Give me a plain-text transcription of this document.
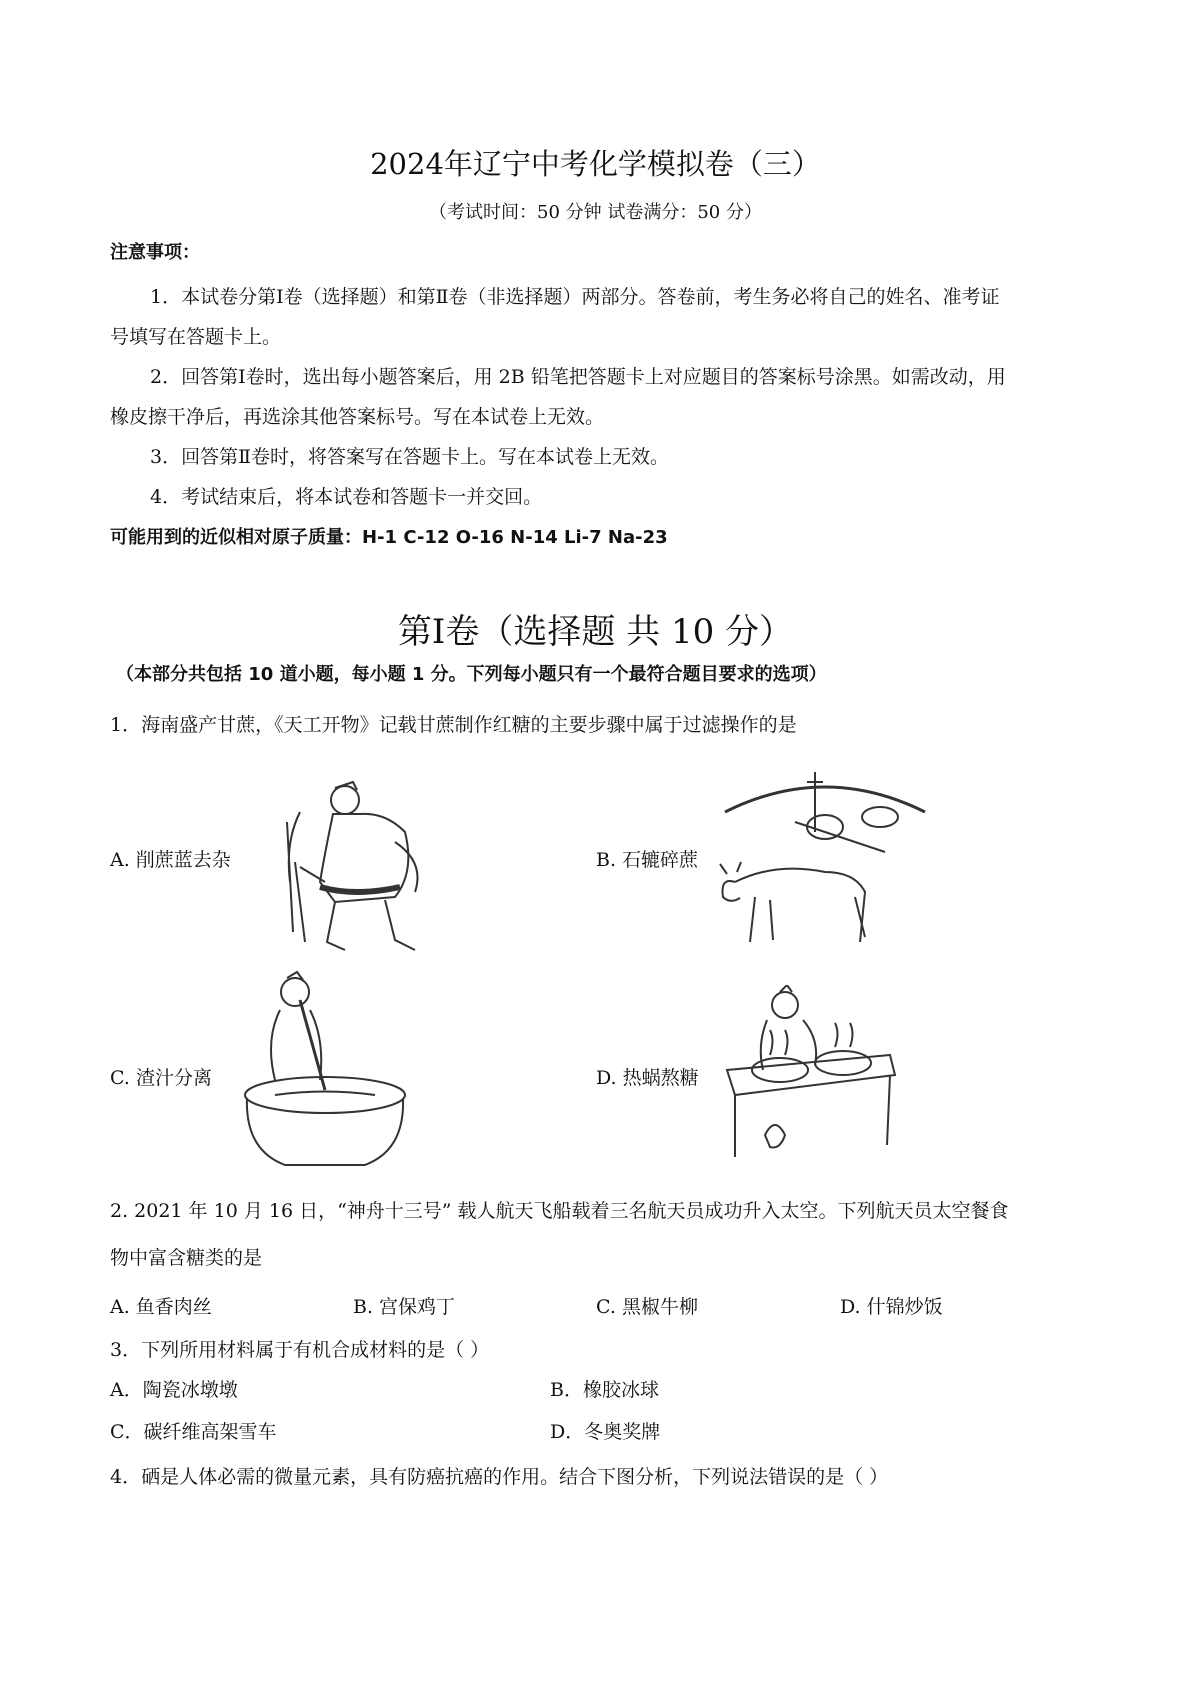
2024年辽宁中考化学模拟卷（三）
（考试时间：50 分钟 试卷满分：50 分）
注意事项：
1．本试卷分第Ⅰ卷（选择题）和第Ⅱ卷（非选择题）两部分。答卷前，考生务必将自己的姓名、准考证
号填写在答题卡上。
2．回答第Ⅰ卷时，选出每小题答案后，用 2B 铅笔把答题卡上对应题目的答案标号涂黑。如需改动，用
橡皮擦干净后，再选涂其他答案标号。写在本试卷上无效。
3．回答第Ⅱ卷时，将答案写在答题卡上。写在本试卷上无效。
4．考试结束后，将本试卷和答题卡一并交回。
可能用到的近似相对原子质量：H-1 C-12 O-16 N-14 Li-7 Na-23
第Ⅰ卷（选择题 共 10 分）
（本部分共包括 10 道小题，每小题 1 分。下列每小题只有一个最符合题目要求的选项）
1．海南盛产甘蔗，《天工开物》记载甘蔗制作红糖的主要步骤中属于过滤操作的是
A. 削蔗蓝去杂	B. 石辘碎蔗
C. 渣汁分离	D. 热蜗熬糖
2. 2021 年 10 月 16 日，“神舟十三号” 载人航天飞船载着三名航天员成功升入太空。下列航天员太空餐食
物中富含糖类的是
A. 鱼香肉丝	B. 宫保鸡丁	C. 黑椒牛柳	D. 什锦炒饭
3．下列所用材料属于有机合成材料的是（ ）
A．陶瓷冰墩墩	B．橡胶冰球
C．碳纤维高架雪车	D．冬奥奖牌
4．硒是人体必需的微量元素，具有防癌抗癌的作用。结合下图分析，下列说法错误的是（ ）
